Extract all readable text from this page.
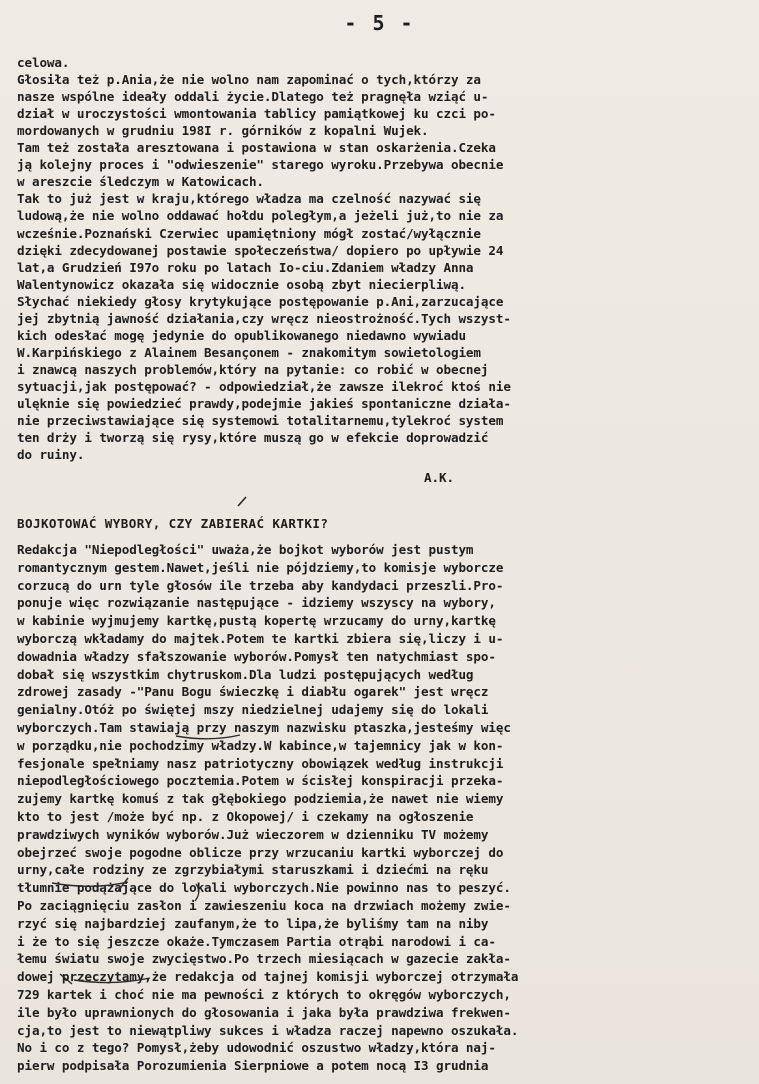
- 5 -
celowa.
Głosiła też p.Ania,że nie wolno nam zapominać o tych,którzy za
nasze wspólne ideały oddali życie.Dlatego też pragnęła wziąć u-
dział w uroczystości wmontowania tablicy pamiątkowej ku czci po-
mordowanych w grudniu 198I r. górników z kopalni Wujek.
Tam też została aresztowana i postawiona w stan oskarżenia.Czeka
ją kolejny proces i "odwieszenie" starego wyroku.Przebywa obecnie
w areszcie śledczym w Katowicach.
Tak to już jest w kraju,którego władza ma czelność nazywać się
ludową,że nie wolno oddawać hołdu poległym,a jeżeli już,to nie za
wcześnie.Poznański Czerwiec upamiętniony mógł zostać/wyłącznie
dzięki zdecydowanej postawie społeczeństwa/ dopiero po upływie 24
lat,a Grudzień I97o roku po latach Io-ciu.Zdaniem władzy Anna
Walentynowicz okazała się widocznie osobą zbyt niecierpliwą.
Słychać niekiedy głosy krytykujące postępowanie p.Ani,zarzucające
jej zbytnią jawność działania,czy wręcz nieostrożność.Tych wszyst-
kich odesłać mogę jedynie do opublikowanego niedawno wywiadu
W.Karpińskiego z Alainem Besançonem - znakomitym sowietologiem
i znawcą naszych problemów,który na pytanie: co robić w obecnej
sytuacji,jak postępować? - odpowiedział,że zawsze ilekroć ktoś nie
ulęknie się powiedzieć prawdy,podejmie jakieś spontaniczne działa-
nie przeciwstawiające się systemowi totalitarnemu,tylekroć system
ten drży i tworzą się rysy,które muszą go w efekcie doprowadzić
do ruiny.
A.K.
BOJKOTOWAĆ WYBORY, CZY ZABIERAĆ KARTKI?
Redakcja "Niepodległości" uważa,że bojkot wyborów jest pustym
romantycznym gestem.Nawet,jeśli nie pójdziemy,to komisje wyborcze
corzucą do urn tyle głosów ile trzeba aby kandydaci przeszli.Pro-
ponuje więc rozwiązanie następujące - idziemy wszyscy na wybory,
w kabinie wyjmujemy kartkę,pustą kopertę wrzucamy do urny,kartkę
wyborczą wkładamy do majtek.Potem te kartki zbiera się,liczy i u-
dowadnia władzy sfałszowanie wyborów.Pomysł ten natychmiast spo-
dobał się wszystkim chytruskom.Dla ludzi postępujących według
zdrowej zasady -"Panu Bogu świeczkę i diabłu ogarek" jest wręcz
genialny.Otóż po świętej mszy niedzielnej udajemy się do lokali
wyborczych.Tam stawiają przy naszym nazwisku ptaszka,jesteśmy więc
w porządku,nie pochodzimy władzy.W kabince,w tajemnicy jak w kon-
fesjonale spełniamy nasz patriotyczny obowiązek według instrukcji
niepodległościowego pocztemia.Potem w ścisłej konspiracji przeka-
zujemy kartkę komuś z tak głębokiego podziemia,że nawet nie wiemy
kto to jest /może być np. z Okopowej/ i czekamy na ogłoszenie
prawdziwych wyników wyborów.Już wieczorem w dzienniku TV możemy
obejrzeć swoje pogodne oblicze przy wrzucaniu kartki wyborczej do
urny,całe rodziny ze zgrzybiałymi staruszkami i dziećmi na ręku
tłumnie podążające do lokali wyborczych.Nie powinno nas to peszyć.
Po zaciągnięciu zasłon i zawieszeniu koca na drzwiach możemy zwie-
rzyć się najbardziej zaufanym,że to lipa,że byliśmy tam na niby
i że to się jeszcze okaże.Tymczasem Partia otrąbi narodowi i ca-
łemu światu swoje zwycięstwo.Po trzech miesiącach w gazecie zakła-
dowej przeczytamy,że redakcja od tajnej komisji wyborczej otrzymała
729 kartek i choć nie ma pewności z których to okręgów wyborczych,
ile było uprawnionych do głosowania i jaka była prawdziwa frekwen-
cja,to jest to niewątpliwy sukces i władza raczej napewno oszukała.
No i co z tego? Pomysł,żeby udowodnić oszustwo władzy,która naj-
pierw podpisała Porozumienia Sierpniowe a potem nocą I3 grudnia
